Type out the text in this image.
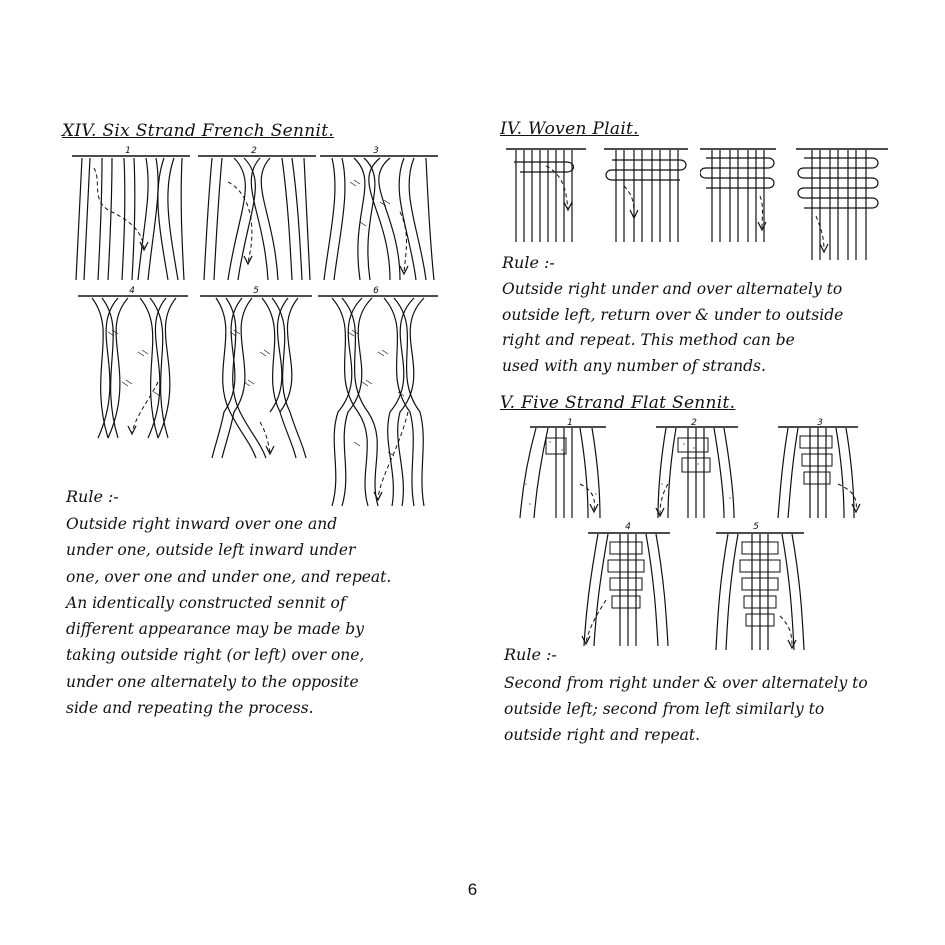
XIV. Six Strand French Sennit.
1	2	3
4	5	6
Rule :-
Outside right inward over one and
under one, outside left inward under
one, over one and under one, and repeat.
An identically constructed sennit of
different appearance may be made by
taking outside right (or left) over one,
under one alternately to the opposite
side and repeating the process.
IV. Woven Plait.
Rule :-
Outside right under and over alternately to
outside left, return over & under to outside
right and repeat. This method can be
used with any number of strands.
V. Five Strand Flat Sennit.
1	2	3
4	5
Rule :-
Second from right under & over alternately to
outside left; second from left similarly to
outside right and repeat.
6
